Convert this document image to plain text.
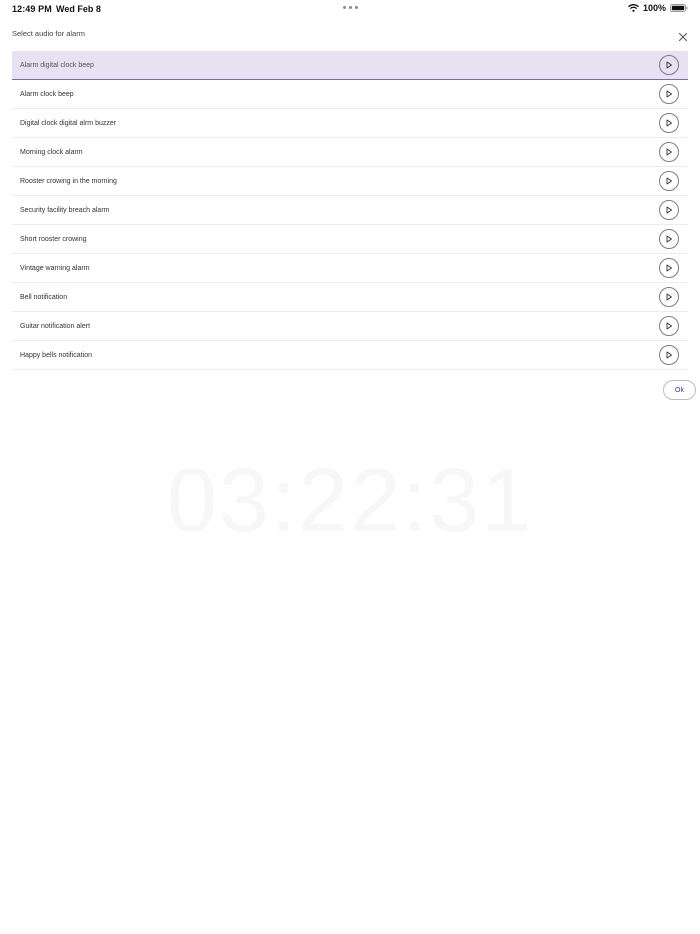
12:49 PM Wed Feb 8	100%
03:22:31
Select audio for alarm
Alarm digital clock beep
Alarm clock beep
Digital clock digital alrm buzzer
Morning clock alarm
Rooster crowing in the morning
Security facility breach alarm
Short rooster crowing
Vintage warning alarm
Bell notification
Guitar notification alert
Happy bells notification
Ok
